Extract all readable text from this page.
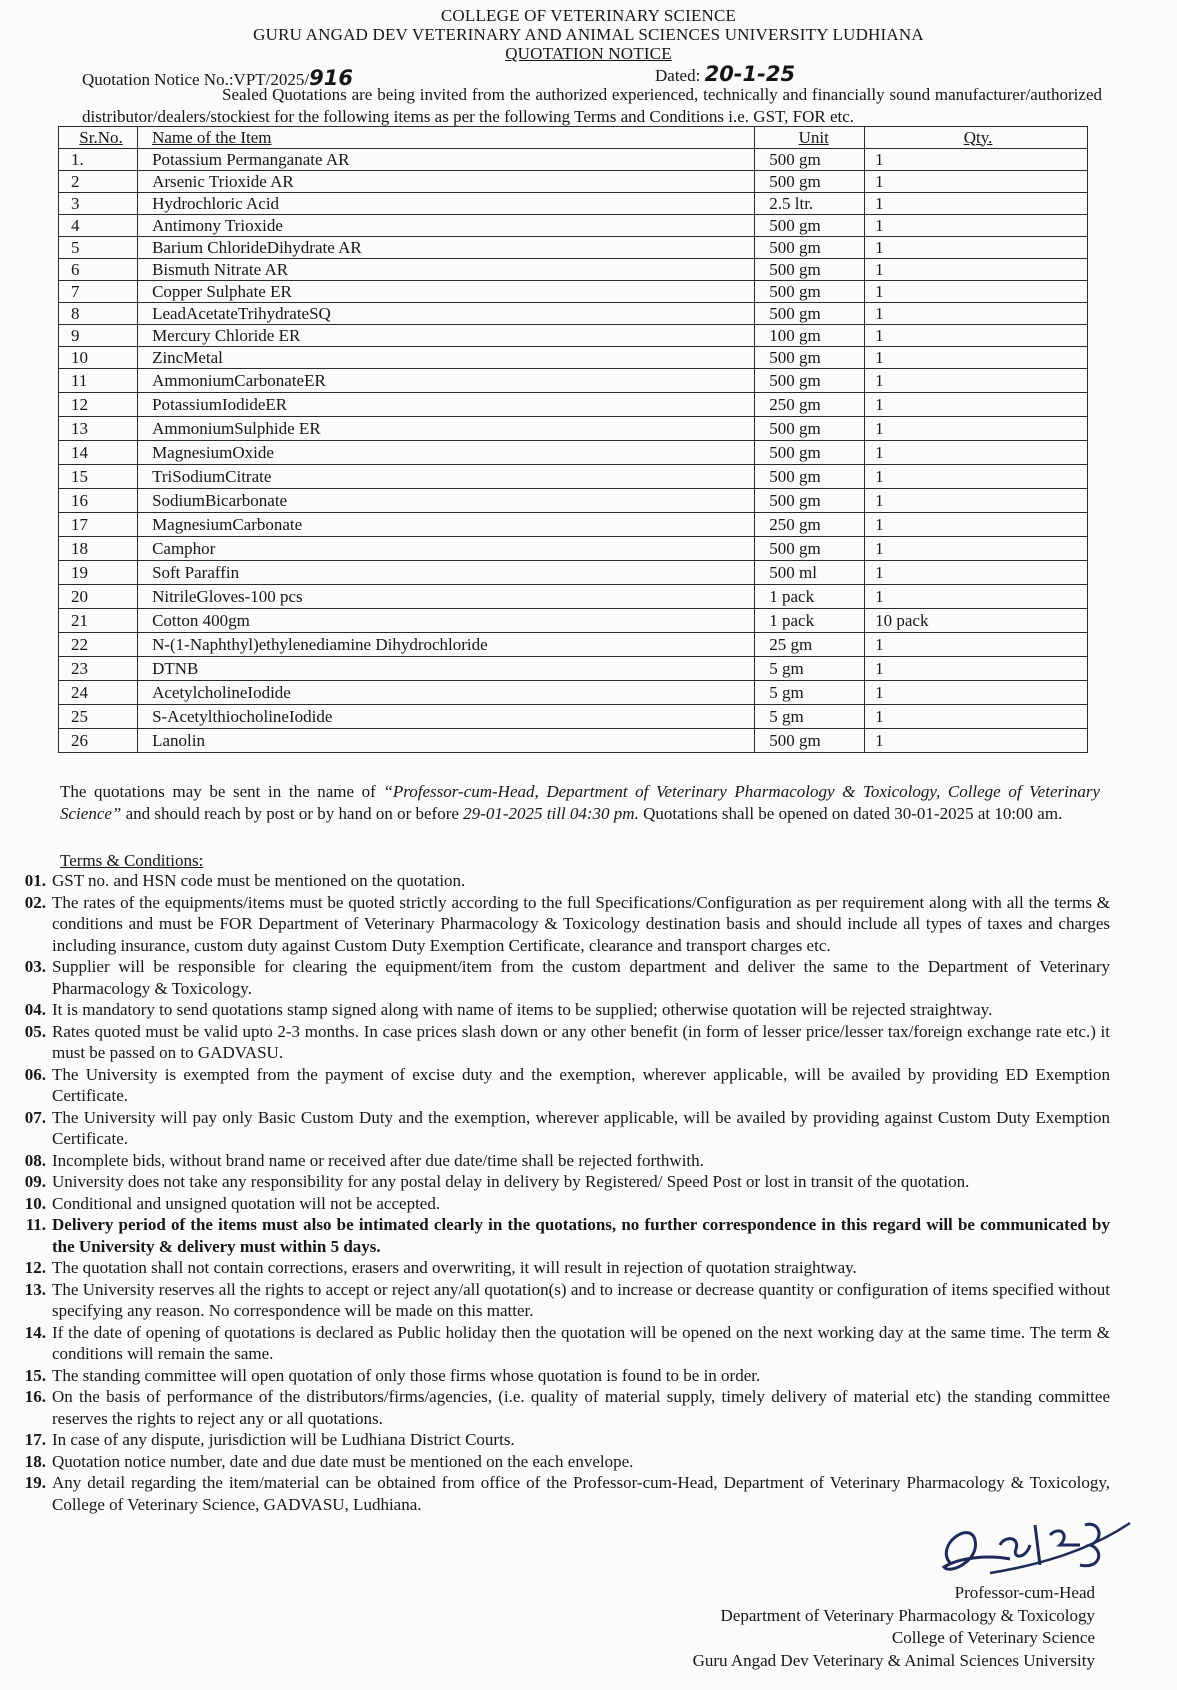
COLLEGE OF VETERINARY SCIENCE
GURU ANGAD DEV VETERINARY AND ANIMAL SCIENCES UNIVERSITY LUDHIANA
QUOTATION NOTICE
Quotation Notice No.:VPT/2025/916	Dated: 20-1-25
Sealed Quotations are being invited from the authorized experienced, technically and financially sound manufacturer/authorized distributor/dealers/stockiest for the following items as per the following Terms and Conditions i.e. GST, FOR etc.
Sr.No.	Name of the Item	Unit	Qty.
1.	Potassium Permanganate AR	500 gm	1
2	Arsenic Trioxide AR	500 gm	1
3	Hydrochloric Acid	2.5 ltr.	1
4	Antimony Trioxide	500 gm	1
5	Barium ChlorideDihydrate AR	500 gm	1
6	Bismuth Nitrate AR	500 gm	1
7	Copper Sulphate ER	500 gm	1
8	LeadAcetateTrihydrateSQ	500 gm	1
9	Mercury Chloride ER	100 gm	1
10	ZincMetal	500 gm	1
11	AmmoniumCarbonateER	500 gm	1
12	PotassiumIodideER	250 gm	1
13	AmmoniumSulphide ER	500 gm	1
14	MagnesiumOxide	500 gm	1
15	TriSodiumCitrate	500 gm	1
16	SodiumBicarbonate	500 gm	1
17	MagnesiumCarbonate	250 gm	1
18	Camphor	500 gm	1
19	Soft Paraffin	500 ml	1
20	NitrileGloves-100 pcs	1 pack	1
21	Cotton 400gm	1 pack	10 pack
22	N-(1-Naphthyl)ethylenediamine Dihydrochloride	25 gm	1
23	DTNB	5 gm	1
24	AcetylcholineIodide	5 gm	1
25	S-AcetylthiocholineIodide	5 gm	1
26	Lanolin	500 gm	1
The quotations may be sent in the name of “Professor-cum-Head, Department of Veterinary Pharmacology & Toxicology, College of Veterinary Science” and should reach by post or by hand on or before 29-01-2025 till 04:30 pm. Quotations shall be opened on dated 30-01-2025 at 10:00 am.
Terms & Conditions:
01. GST no. and HSN code must be mentioned on the quotation.
02. The rates of the equipments/items must be quoted strictly according to the full Specifications/Configuration as per requirement along with all the terms & conditions and must be FOR Department of Veterinary Pharmacology & Toxicology destination basis and should include all types of taxes and charges including insurance, custom duty against Custom Duty Exemption Certificate, clearance and transport charges etc.
03. Supplier will be responsible for clearing the equipment/item from the custom department and deliver the same to the Department of Veterinary Pharmacology & Toxicology.
04. It is mandatory to send quotations stamp signed along with name of items to be supplied; otherwise quotation will be rejected straightway.
05. Rates quoted must be valid upto 2-3 months. In case prices slash down or any other benefit (in form of lesser price/lesser tax/foreign exchange rate etc.) it must be passed on to GADVASU.
06. The University is exempted from the payment of excise duty and the exemption, wherever applicable, will be availed by providing ED Exemption Certificate.
07. The University will pay only Basic Custom Duty and the exemption, wherever applicable, will be availed by providing against Custom Duty Exemption Certificate.
08. Incomplete bids, without brand name or received after due date/time shall be rejected forthwith.
09. University does not take any responsibility for any postal delay in delivery by Registered/ Speed Post or lost in transit of the quotation.
10. Conditional and unsigned quotation will not be accepted.
11. Delivery period of the items must also be intimated clearly in the quotations, no further correspondence in this regard will be communicated by the University & delivery must within 5 days.
12. The quotation shall not contain corrections, erasers and overwriting, it will result in rejection of quotation straightway.
13. The University reserves all the rights to accept or reject any/all quotation(s) and to increase or decrease quantity or configuration of items specified without specifying any reason. No correspondence will be made on this matter.
14. If the date of opening of quotations is declared as Public holiday then the quotation will be opened on the next working day at the same time. The term & conditions will remain the same.
15. The standing committee will open quotation of only those firms whose quotation is found to be in order.
16. On the basis of performance of the distributors/firms/agencies, (i.e. quality of material supply, timely delivery of material etc) the standing committee reserves the rights to reject any or all quotations.
17. In case of any dispute, jurisdiction will be Ludhiana District Courts.
18. Quotation notice number, date and due date must be mentioned on the each envelope.
19. Any detail regarding the item/material can be obtained from office of the Professor-cum-Head, Department of Veterinary Pharmacology & Toxicology, College of Veterinary Science, GADVASU, Ludhiana.
Professor-cum-Head
Department of Veterinary Pharmacology & Toxicology
College of Veterinary Science
Guru Angad Dev Veterinary & Animal Sciences University
